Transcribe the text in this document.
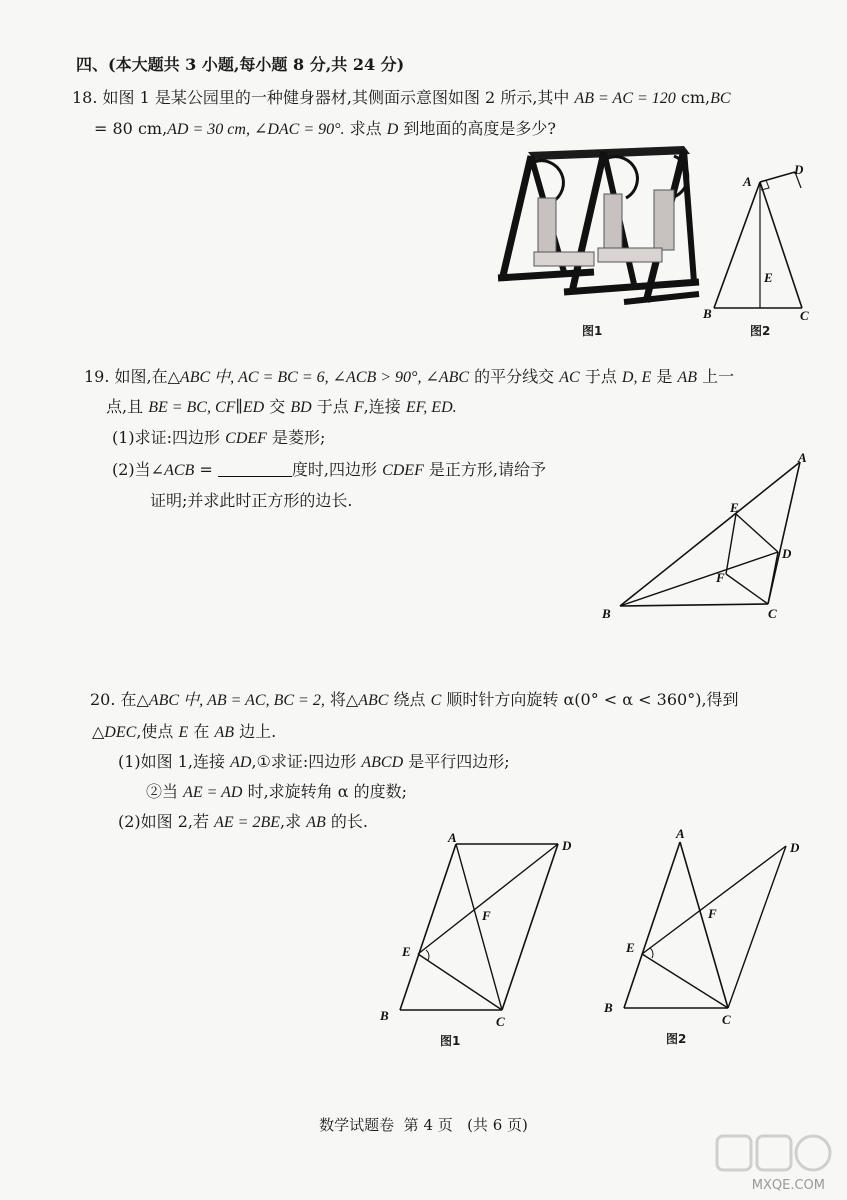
四、(本大题共 3 小题,每小题 8 分,共 24 分)
18. 如图 1 是某公园里的一种健身器材,其侧面示意图如图 2 所示,其中 AB = AC = 120 cm,BC
= 80 cm,AD = 30 cm, ∠DAC = 90°. 求点 D 到地面的高度是多少?
图1
A
D
E
B	C
图2
19. 如图,在△ABC 中, AC = BC = 6, ∠ACB > 90°, ∠ABC 的平分线交 AC 于点 D, E 是 AB 上一
点,且 BE = BC, CF∥ED 交 BD 于点 F,连接 EF, ED.
(1)求证:四边形 CDEF 是菱形;
(2)当∠ACB =	度时,四边形 CDEF 是正方形,请给予
证明;并求此时正方形的边长.
A
E
D
F
B	C
20. 在△ABC 中, AB = AC, BC = 2, 将△ABC 绕点 C 顺时针方向旋转 α(0° < α < 360°),得到
△DEC,使点 E 在 AB 边上.
(1)如图 1,连接 AD,①求证:四边形 ABCD 是平行四边形;
②当 AE = AD 时,求旋转角 α 的度数;
(2)如图 2,若 AE = 2BE,求 AB 的长.
A
D
F
E
B	C
图1
A
D
F
E
B
C
图2
数学试题卷 第 4 页 (共 6 页)
MXQE.COM
